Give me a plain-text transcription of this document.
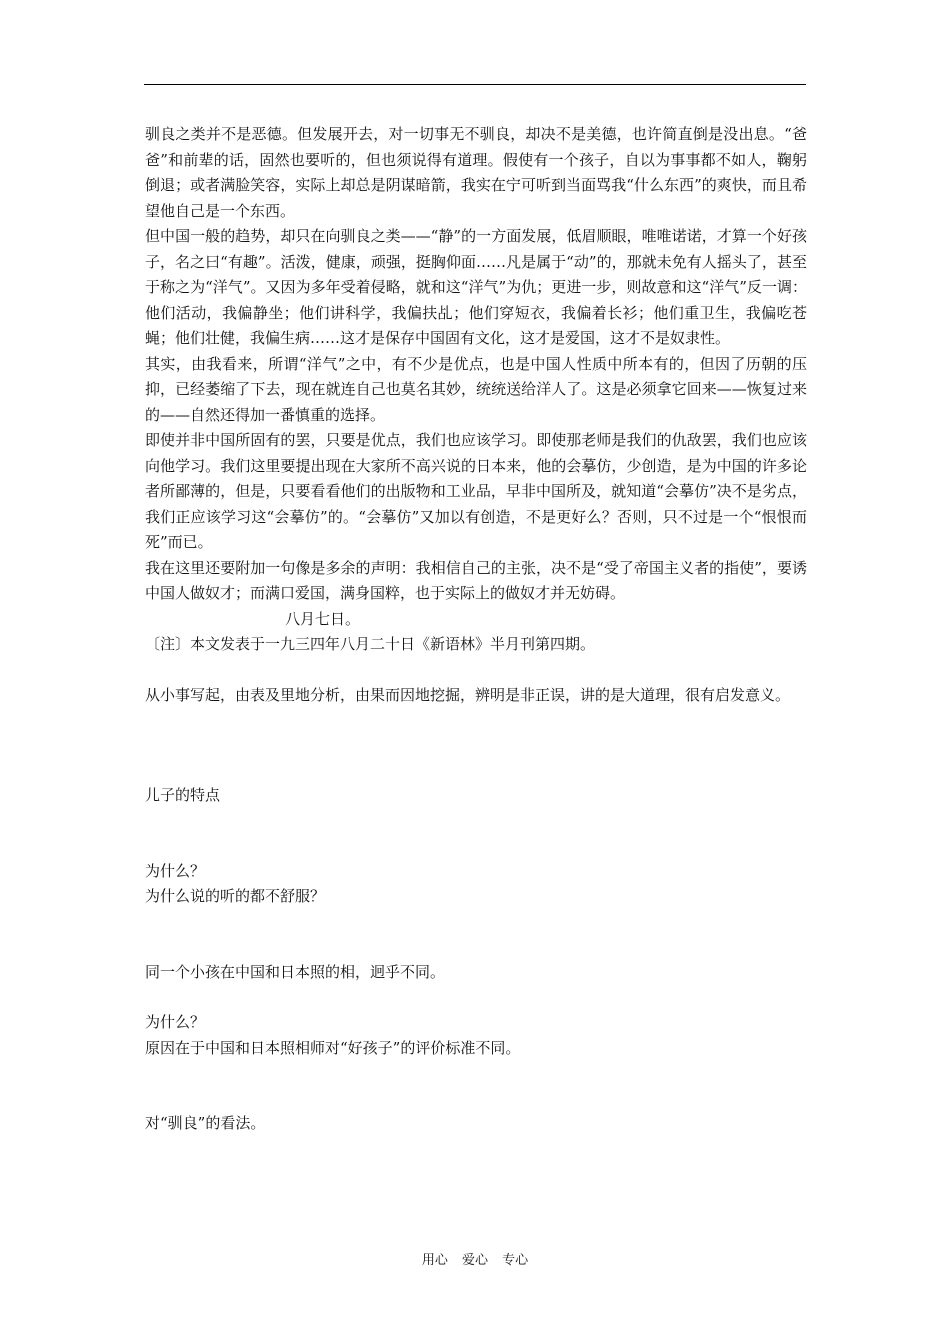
驯良之类并不是恶德。但发展开去，对一切事无不驯良，却决不是美德，也许简直倒是没出息。“爸爸”和前辈的话，固然也要听的，但也须说得有道理。假使有一个孩子，自以为事事都不如人，鞠躬倒退；或者满脸笑容，实际上却总是阴谋暗箭，我实在宁可听到当面骂我“什么东西”的爽快，而且希望他自己是一个东西。

但中国一般的趋势，却只在向驯良之类——“静”的一方面发展，低眉顺眼，唯唯诺诺，才算一个好孩子，名之曰“有趣”。活泼，健康，顽强，挺胸仰面……凡是属于“动”的，那就未免有人摇头了，甚至于称之为“洋气”。又因为多年受着侵略，就和这“洋气”为仇；更进一步，则故意和这“洋气”反一调：他们活动，我偏静坐；他们讲科学，我偏扶乩；他们穿短衣，我偏着长衫；他们重卫生，我偏吃苍蝇；他们壮健，我偏生病……这才是保存中国固有文化，这才是爱国，这才不是奴隶性。

其实，由我看来，所谓“洋气”之中，有不少是优点，也是中国人性质中所本有的，但因了历朝的压抑，已经萎缩了下去，现在就连自己也莫名其妙，统统送给洋人了。这是必须拿它回来——恢复过来的——自然还得加一番慎重的选择。

即使并非中国所固有的罢，只要是优点，我们也应该学习。即使那老师是我们的仇敌罢，我们也应该向他学习。我们这里要提出现在大家所不高兴说的日本来，他的会摹仿，少创造，是为中国的许多论者所鄙薄的，但是，只要看看他们的出版物和工业品，早非中国所及，就知道“会摹仿”决不是劣点，我们正应该学习这“会摹仿”的。“会摹仿”又加以有创造，不是更好么？否则，只不过是一个“恨恨而死”而已。

我在这里还要附加一句像是多余的声明：我相信自己的主张，决不是“受了帝国主义者的指使”，要诱中国人做奴才；而满口爱国，满身国粹，也于实际上的做奴才并无妨碍。

八月七日。

〔注〕本文发表于一九三四年八月二十日《新语林》半月刊第四期。

从小事写起，由表及里地分析，由果而因地挖掘，辨明是非正误，讲的是大道理，很有启发意义。

儿子的特点

为什么？

为什么说的听的都不舒服？

同一个小孩在中国和日本照的相，迥乎不同。

为什么？

原因在于中国和日本照相师对“好孩子”的评价标准不同。

对“驯良”的看法。

用心 爱心 专心
